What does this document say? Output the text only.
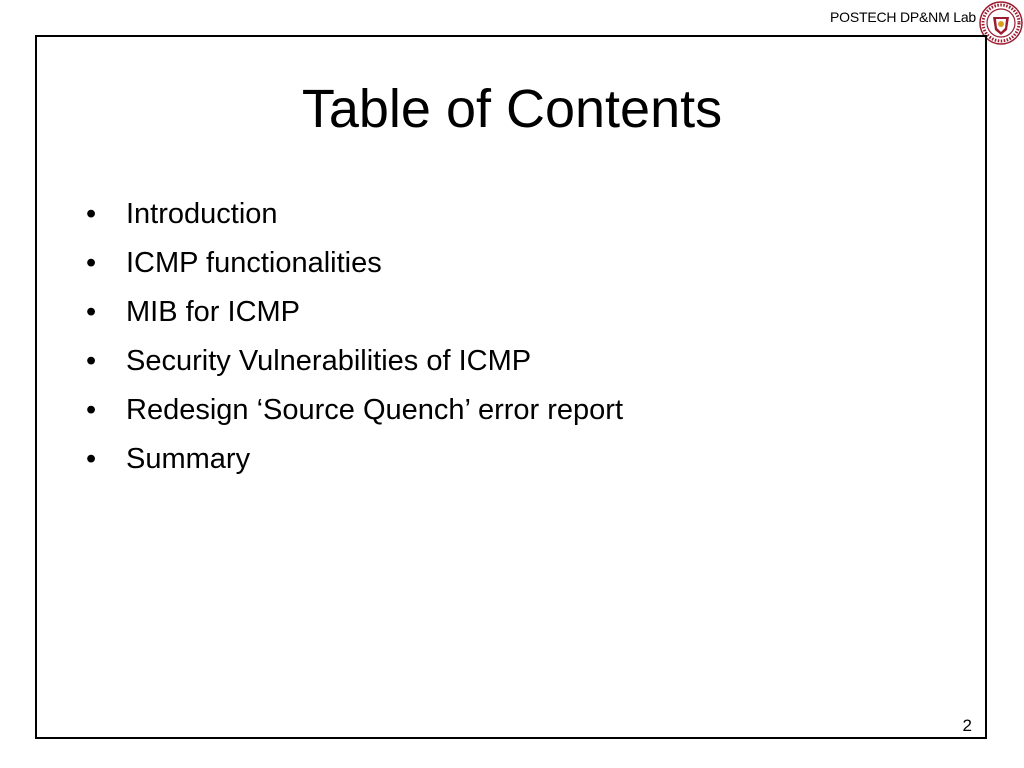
POSTECH DP&NM Lab
Table of Contents
• Introduction
• ICMP functionalities
• MIB for ICMP
• Security Vulnerabilities of ICMP
• Redesign ‘Source Quench’ error report
• Summary
2
